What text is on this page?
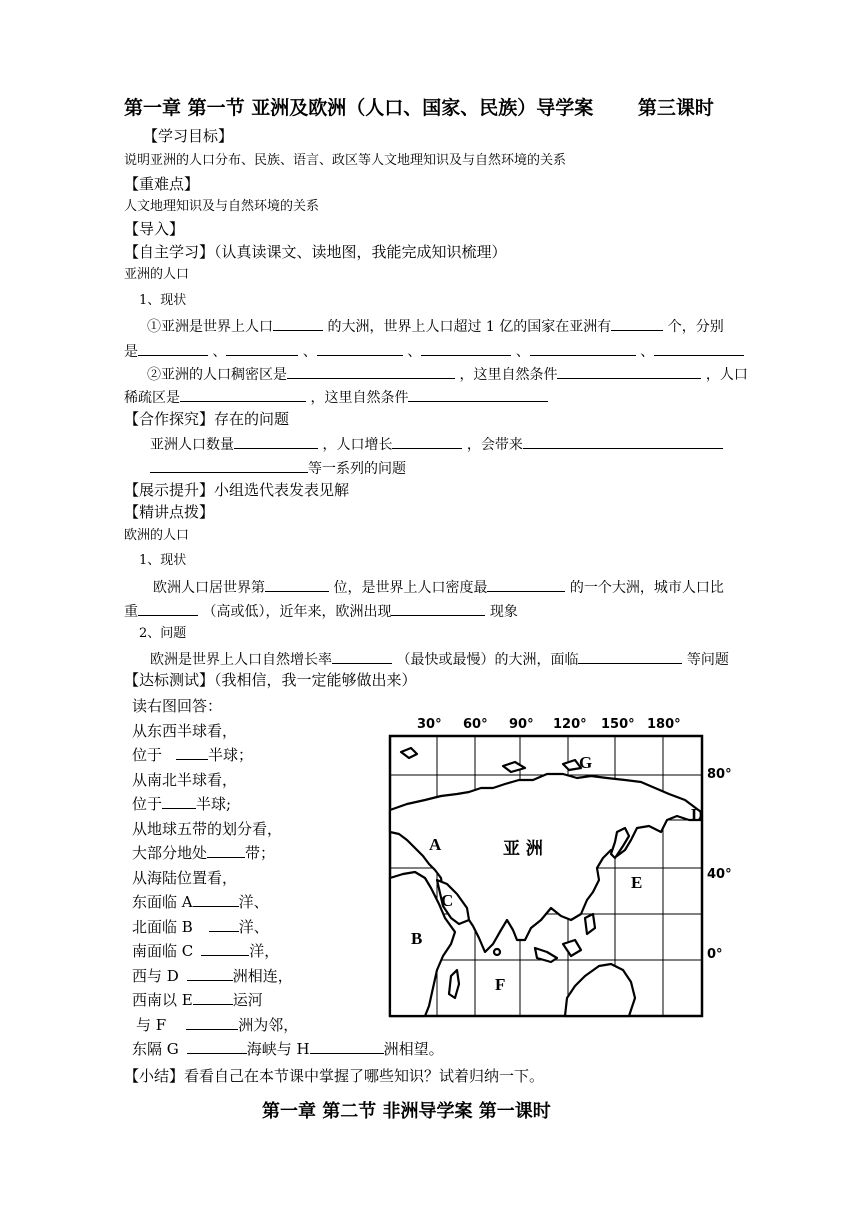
第一章 第一节 亚洲及欧洲（人口、国家、民族）导学案 第三课时
【学习目标】
说明亚洲的人口分布、民族、语言、政区等人文地理知识及与自然环境的关系
【重难点】
人文地理知识及与自然环境的关系
【导入】
【自主学习】（认真读课文、读地图，我能完成知识梳理）
亚洲的人口
1、现状
①亚洲是世界上人口	的大洲，世界上人口超过 1 亿的国家在亚洲有	个，分别
是	、	、	、	、	、
②亚洲的人口稠密区是	，这里自然条件	，人口
稀疏区是	，这里自然条件
【合作探究】存在的问题
亚洲人口数量	，人口增长	，会带来
等一系列的问题
【展示提升】小组选代表发表见解
【精讲点拨】
欧洲的人口
1、现状
欧洲人口居世界第	位，是世界上人口密度最	的一个大洲，城市人口比
重	（高或低），近年来，欧洲出现	现象
2、问题
欧洲是世界上人口自然增长率	（最快或最慢）的大洲，面临	等问题
【达标测试】（我相信，我一定能够做出来）
读右图回答：
从东西半球看，
位于	半球；
从南北半球看，
位于 半球;
从地球五带的划分看，
大部分地处	带；
从海陆位置看，
东面临 A	洋、
北面临 B	洋、
南面临 C	洋，
西与 D	洲相连，
西南以 E	运河
与 F	洲为邻，
东隔 G	海峡与 H	洲相望。
30° 60° 90° 120° 150° 180°
80°
40°
0°
A
B
C
D
E
F
G
亚 洲
【小结】看看自己在本节课中掌握了哪些知识？试着归纳一下。
第一章 第二节 非洲导学案 第一课时
